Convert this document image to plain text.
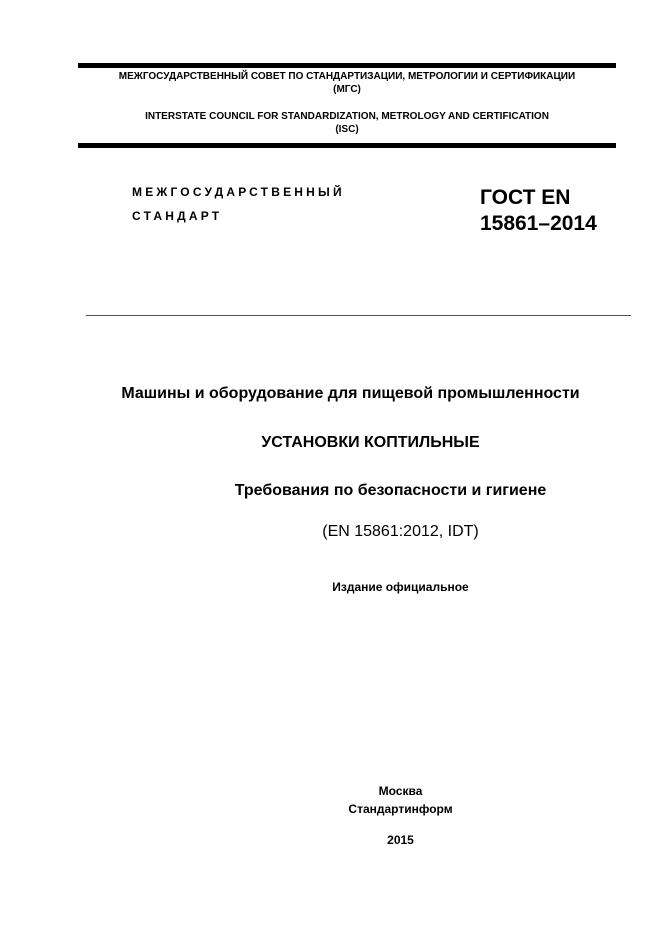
МЕЖГОСУДАРСТВЕННЫЙ СОВЕТ ПО СТАНДАРТИЗАЦИИ, МЕТРОЛОГИИ И СЕРТИФИКАЦИИ
(МГС)
INTERSTATE COUNCIL FOR STANDARDIZATION, METROLOGY AND CERTIFICATION
(ISC)
МЕЖГОСУДАРСТВЕННЫЙ
СТАНДАРТ
ГОСТ EN
15861–2014
Машины и оборудование для пищевой промышленности
УСТАНОВКИ КОПТИЛЬНЫЕ
Требования по безопасности и гигиене
(EN 15861:2012, IDT)
Издание официальное
Москва
Стандартинформ
2015
